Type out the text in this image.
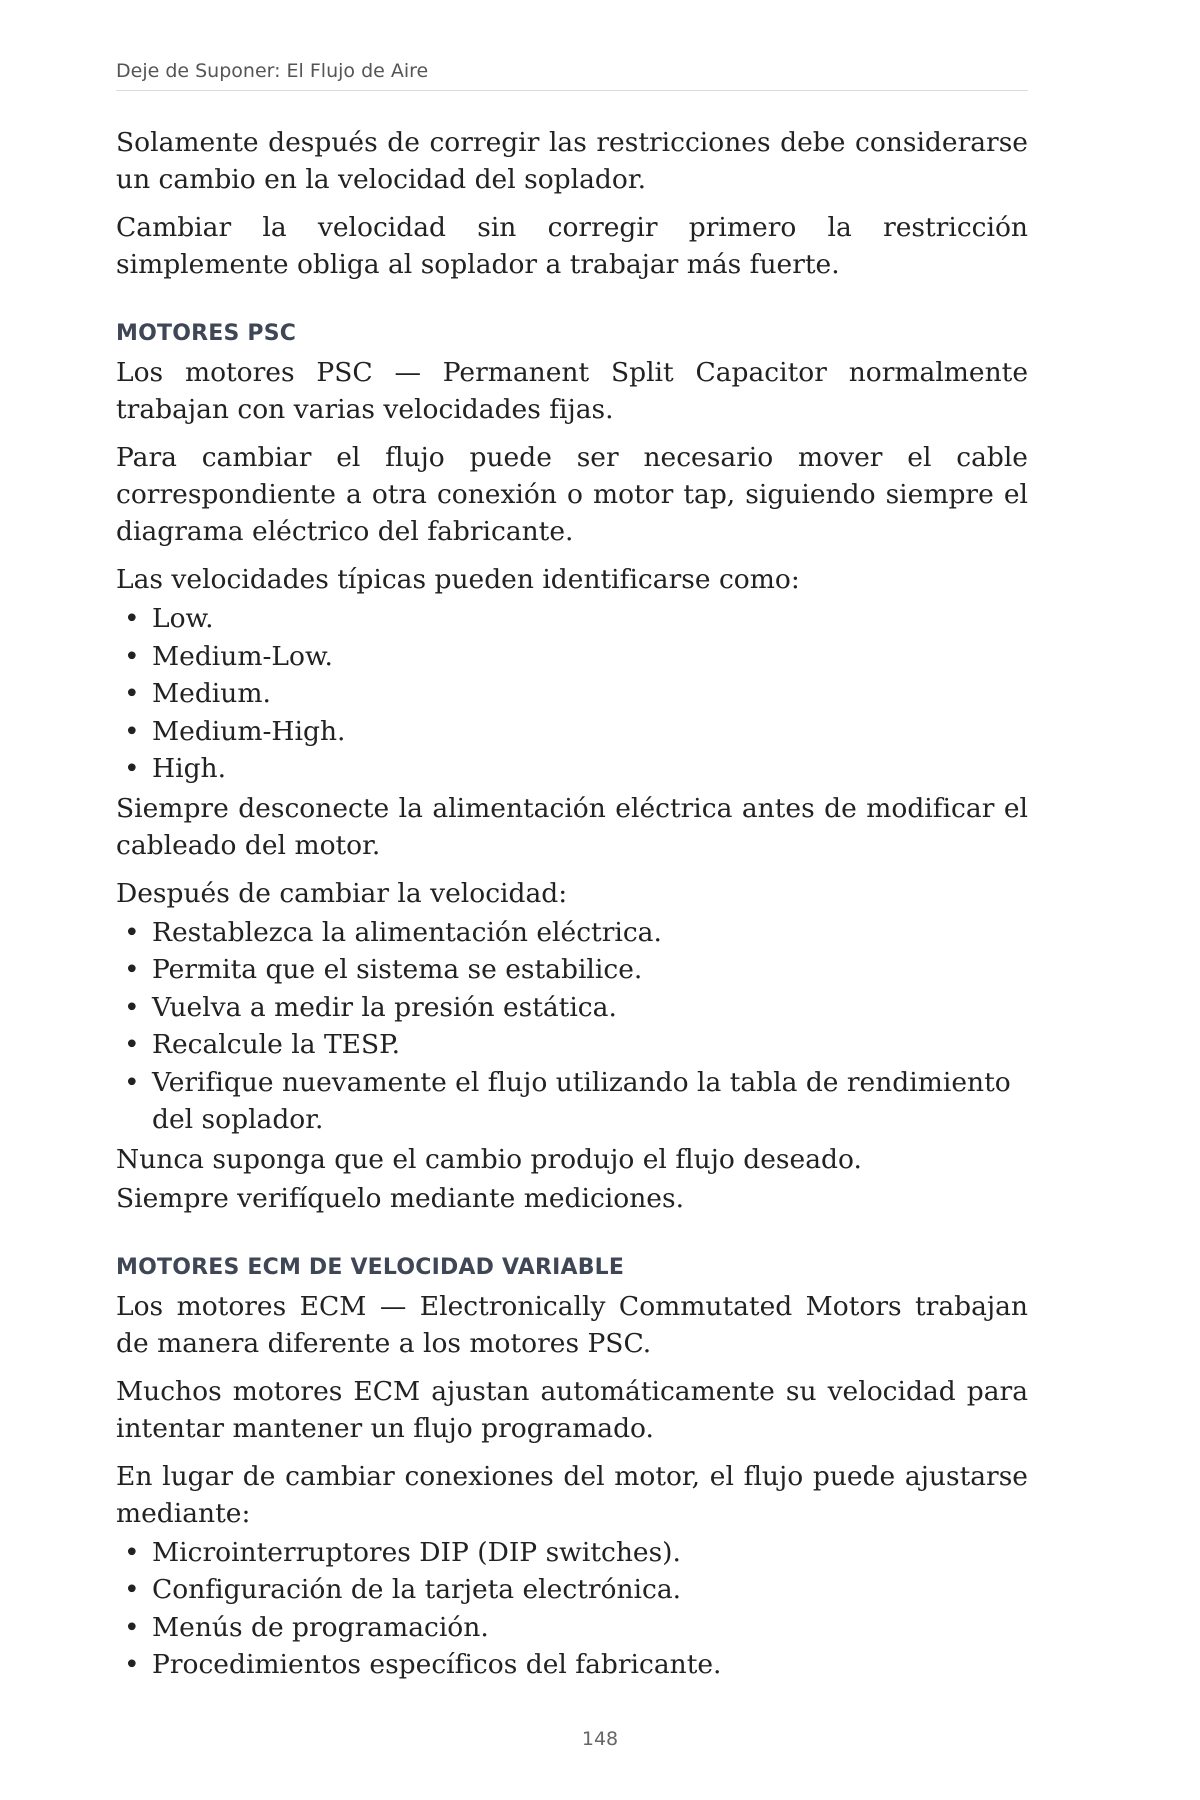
Deje de Suponer: El Flujo de Aire

Solamente después de corregir las restricciones debe considerarse un cambio en la velocidad del soplador.

Cambiar la velocidad sin corregir primero la restricción simplemente obliga al soplador a trabajar más fuerte.

MOTORES PSC

Los motores PSC — Permanent Split Capacitor normalmente trabajan con varias velocidades fijas.

Para cambiar el flujo puede ser necesario mover el cable correspondiente a otra conexión o motor tap, siguiendo siempre el diagrama eléctrico del fabricante.

Las velocidades típicas pueden identificarse como:

• Low.
• Medium-Low.
• Medium.
• Medium-High.
• High.

Siempre desconecte la alimentación eléctrica antes de modificar el cableado del motor.

Después de cambiar la velocidad:

• Restablezca la alimentación eléctrica.
• Permita que el sistema se estabilice.
• Vuelva a medir la presión estática.
• Recalcule la TESP.
• Verifique nuevamente el flujo utilizando la tabla de rendimiento del soplador.

Nunca suponga que el cambio produjo el flujo deseado.

Siempre verifíquelo mediante mediciones.

MOTORES ECM DE VELOCIDAD VARIABLE

Los motores ECM — Electronically Commutated Motors trabajan de manera diferente a los motores PSC.

Muchos motores ECM ajustan automáticamente su velocidad para intentar mantener un flujo programado.

En lugar de cambiar conexiones del motor, el flujo puede ajustarse mediante:

• Microinterruptores DIP (DIP switches).
• Configuración de la tarjeta electrónica.
• Menús de programación.
• Procedimientos específicos del fabricante.
148
